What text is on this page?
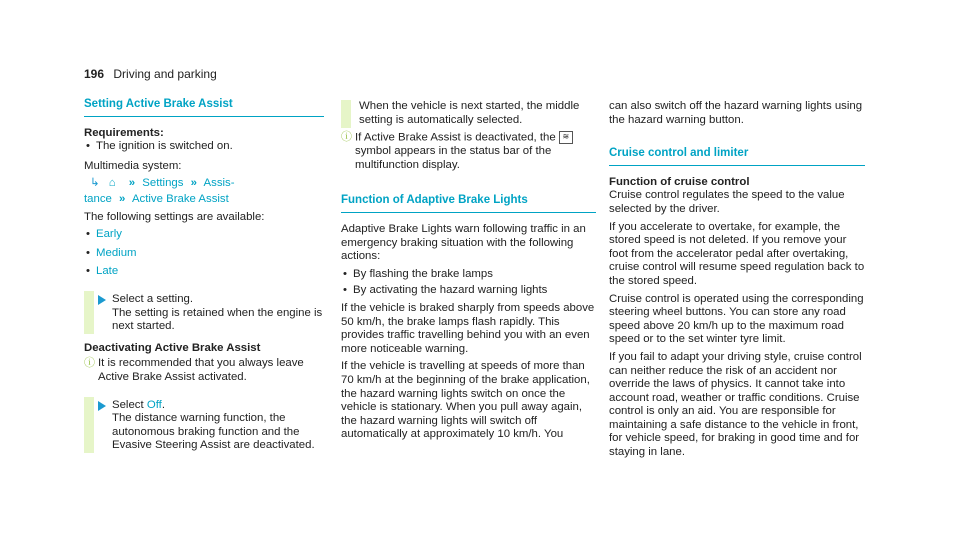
196 Driving and parking
Setting Active Brake Assist

Requirements:

• The ignition is switched on.

Multimedia system:

↳ ⌂ » Settings » Assis-
tance » Active Brake Assist

The following settings are available:

• Early
• Medium
• Late
Select a setting.
The setting is retained when the engine is next started.

Deactivating Active Brake Assist

ⓘ It is recommended that you always leave Active Brake Assist activated.
Select Off.
The distance warning function, the autonomous braking function and the Evasive Steering Assist are deactivated.
When the vehicle is next started, the middle setting is automatically selected.
ⓘ If Active Brake Assist is deactivated, the ≋ symbol appears in the status bar of the multifunction display.
Function of Adaptive Brake Lights

Adaptive Brake Lights warn following traffic in an emergency braking situation with the following actions:

• By flashing the brake lamps
• By activating the hazard warning lights

If the vehicle is braked sharply from speeds above 50 km/h, the brake lamps flash rapidly. This provides traffic travelling behind you with an even more noticeable warning.

If the vehicle is travelling at speeds of more than 70 km/h at the beginning of the brake application, the hazard warning lights switch on once the vehicle is stationary. When you pull away again, the hazard warning lights will switch off automatically at approximately 10 km/h. You

can also switch off the hazard warning lights using the hazard warning button.

Cruise control and limiter

Function of cruise control

Cruise control regulates the speed to the value selected by the driver.

If you accelerate to overtake, for example, the stored speed is not deleted. If you remove your foot from the accelerator pedal after overtaking, cruise control will resume speed regulation back to the stored speed.

Cruise control is operated using the corresponding steering wheel buttons. You can store any road speed above 20 km/h up to the maximum road speed or to the set winter tyre limit.

If you fail to adapt your driving style, cruise control can neither reduce the risk of an accident nor override the laws of physics. It cannot take into account road, weather or traffic conditions. Cruise control is only an aid. You are responsible for maintaining a safe distance to the vehicle in front, for vehicle speed, for braking in good time and for staying in lane.
